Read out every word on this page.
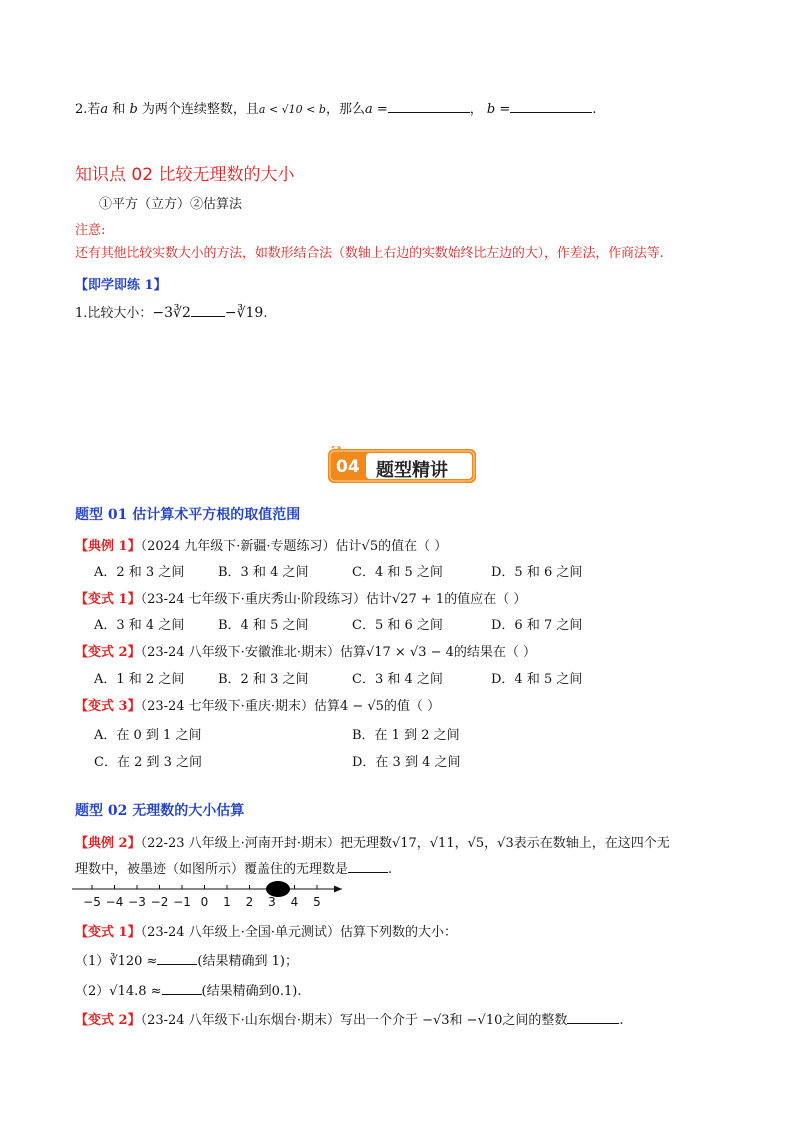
2.若a 和 b 为两个连续整数，且a < √10 < b，那么a =	， b =	.
知识点 02 比较无理数的大小
①平方（立方）②估算法
注意:
还有其他比较实数大小的方法，如数形结合法（数轴上右边的实数始终比左边的大），作差法，作商法等.
【即学即练 1】
1.比较大小：−3∛2 −∛19.
04 题型精讲
题型 01 估计算术平方根的取值范围
【典例 1】（2024 九年级下·新疆·专题练习）估计√5的值在（ ）
A．2 和 3 之间	B．3 和 4 之间	C．4 和 5 之间	D．5 和 6 之间
【变式 1】（23-24 七年级下·重庆秀山·阶段练习）估计√27 + 1的值应在（ ）
A．3 和 4 之间	B．4 和 5 之间	C．5 和 6 之间	D．6 和 7 之间
【变式 2】（23-24 八年级下·安徽淮北·期末）估算√17 × √3 − 4的结果在（ ）
A．1 和 2 之间	B．2 和 3 之间	C．3 和 4 之间	D．4 和 5 之间
【变式 3】（23-24 七年级下·重庆·期末）估算4 − √5的值（ ）
A．在 0 到 1 之间	B．在 1 到 2 之间
C．在 2 到 3 之间	D．在 3 到 4 之间
题型 02 无理数的大小估算
【典例 2】（22-23 八年级上·河南开封·期末）把无理数√17，√11，√5，√3表示在数轴上，在这四个无
理数中，被墨迹（如图所示）覆盖住的无理数是	.
−5 −4 −3 −2 −1 0 1 2 3 4 5
【变式 1】（23-24 八年级上·全国·单元测试）估算下列数的大小：
（1）∛120 ≈	(结果精确到 1)；
（2）√14.8 ≈	(结果精确到0.1).
【变式 2】（23-24 八年级下·山东烟台·期末）写出一个介于 −√3和 −√10之间的整数	.
